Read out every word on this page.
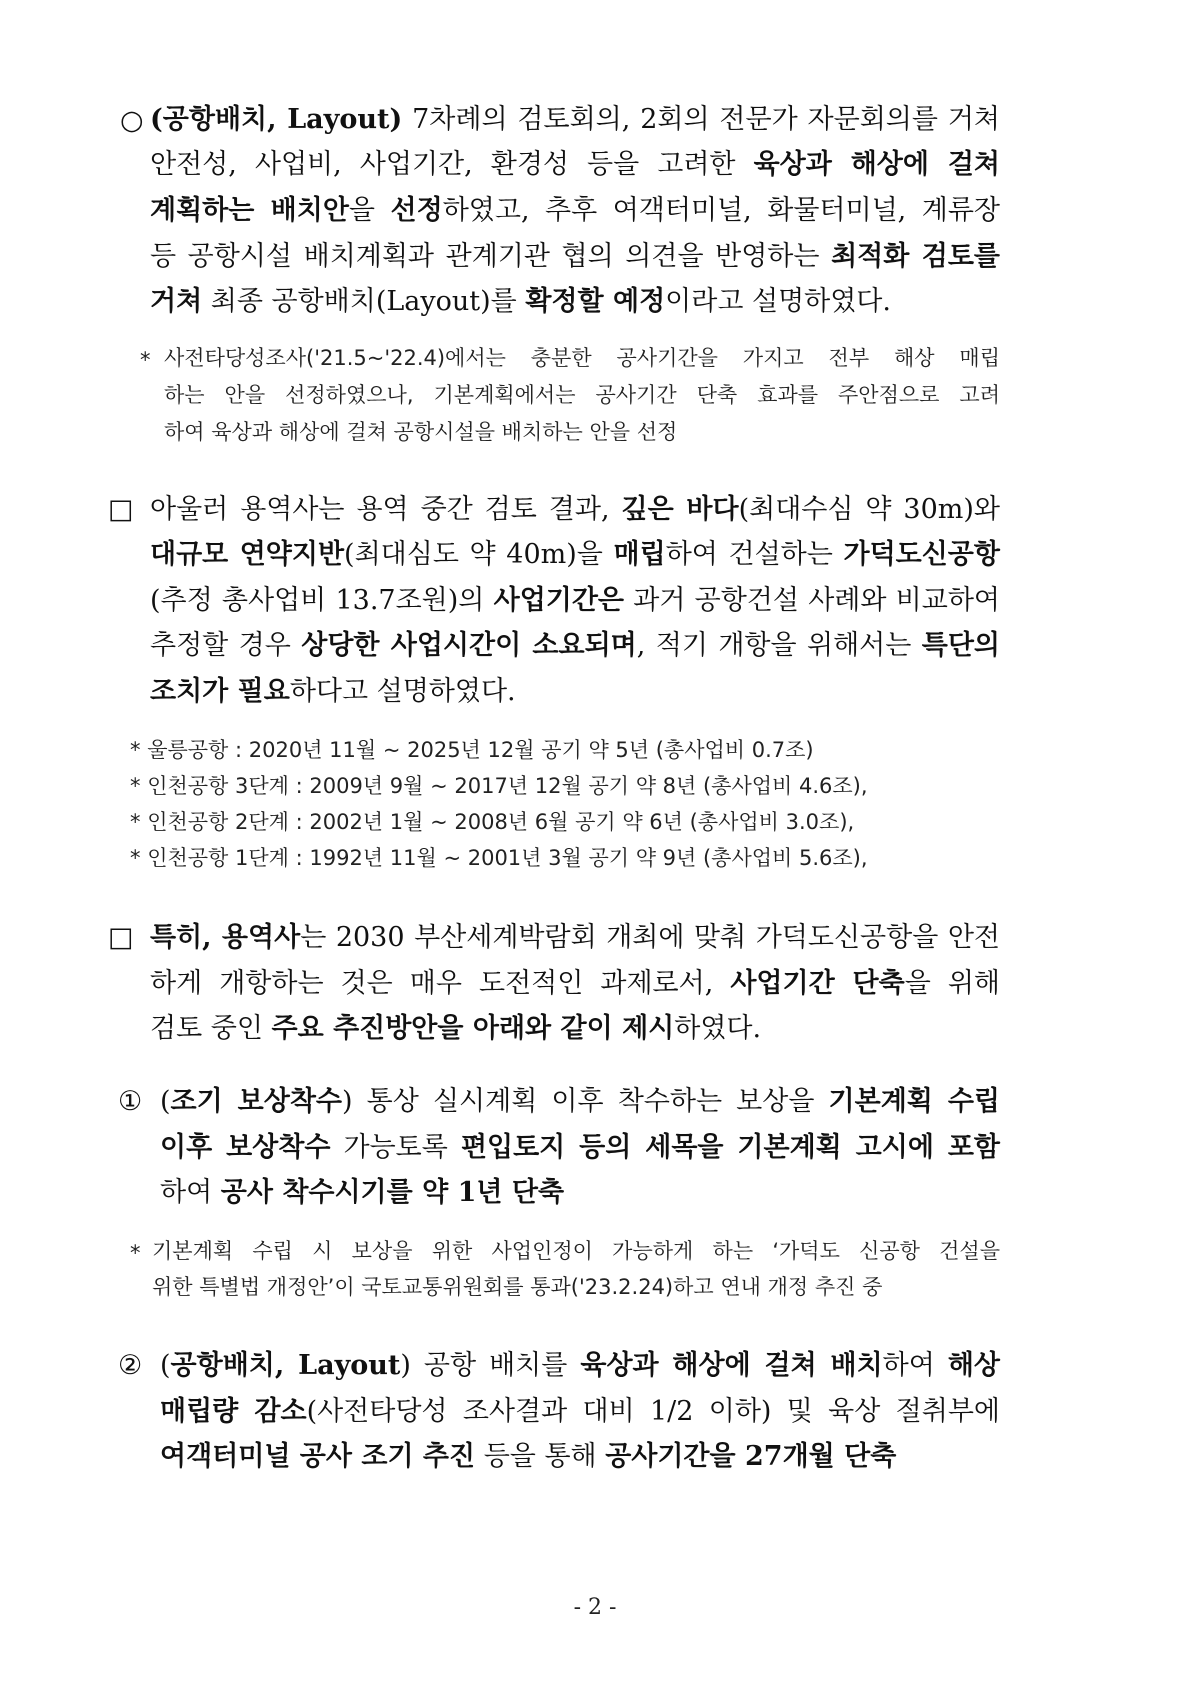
○ (공항배치, Layout) 7차례의 검토회의, 2회의 전문가 자문회의를 거쳐
안전성, 사업비, 사업기간, 환경성 등을 고려한 육상과 해상에 걸쳐
계획하는 배치안을 선정하였고, 추후 여객터미널, 화물터미널, 계류장
등 공항시설 배치계획과 관계기관 협의 의견을 반영하는 최적화 검토를
거쳐 최종 공항배치(Layout)를 확정할 예정이라고 설명하였다.
* 사전타당성조사('21.5~'22.4)에서는 충분한 공사기간을 가지고 전부 해상 매립
하는 안을 선정하였으나, 기본계획에서는 공사기간 단축 효과를 주안점으로 고려
하여 육상과 해상에 걸쳐 공항시설을 배치하는 안을 선정
□ 아울러 용역사는 용역 중간 검토 결과, 깊은 바다(최대수심 약 30m)와
대규모 연약지반(최대심도 약 40m)을 매립하여 건설하는 가덕도신공항
(추정 총사업비 13.7조원)의 사업기간은 과거 공항건설 사례와 비교하여
추정할 경우 상당한 사업시간이 소요되며, 적기 개항을 위해서는 특단의
조치가 필요하다고 설명하였다.
* 울릉공항 : 2020년 11월 ~ 2025년 12월 공기 약 5년 (총사업비 0.7조)
* 인천공항 3단계 : 2009년 9월 ~ 2017년 12월 공기 약 8년 (총사업비 4.6조),
* 인천공항 2단계 : 2002년 1월 ~ 2008년 6월 공기 약 6년 (총사업비 3.0조),
* 인천공항 1단계 : 1992년 11월 ~ 2001년 3월 공기 약 9년 (총사업비 5.6조),
□ 특히, 용역사는 2030 부산세계박람회 개최에 맞춰 가덕도신공항을 안전
하게 개항하는 것은 매우 도전적인 과제로서, 사업기간 단축을 위해
검토 중인 주요 추진방안을 아래와 같이 제시하였다.
① (조기 보상착수) 통상 실시계획 이후 착수하는 보상을 기본계획 수립
이후 보상착수 가능토록 편입토지 등의 세목을 기본계획 고시에 포함
하여 공사 착수시기를 약 1년 단축
* 기본계획 수립 시 보상을 위한 사업인정이 가능하게 하는 ‘가덕도 신공항 건설을
위한 특별법 개정안’이 국토교통위원회를 통과('23.2.24)하고 연내 개정 추진 중
② (공항배치, Layout) 공항 배치를 육상과 해상에 걸쳐 배치하여 해상
매립량 감소(사전타당성 조사결과 대비 1/2 이하) 및 육상 절취부에
여객터미널 공사 조기 추진 등을 통해 공사기간을 27개월 단축
- 2 -
